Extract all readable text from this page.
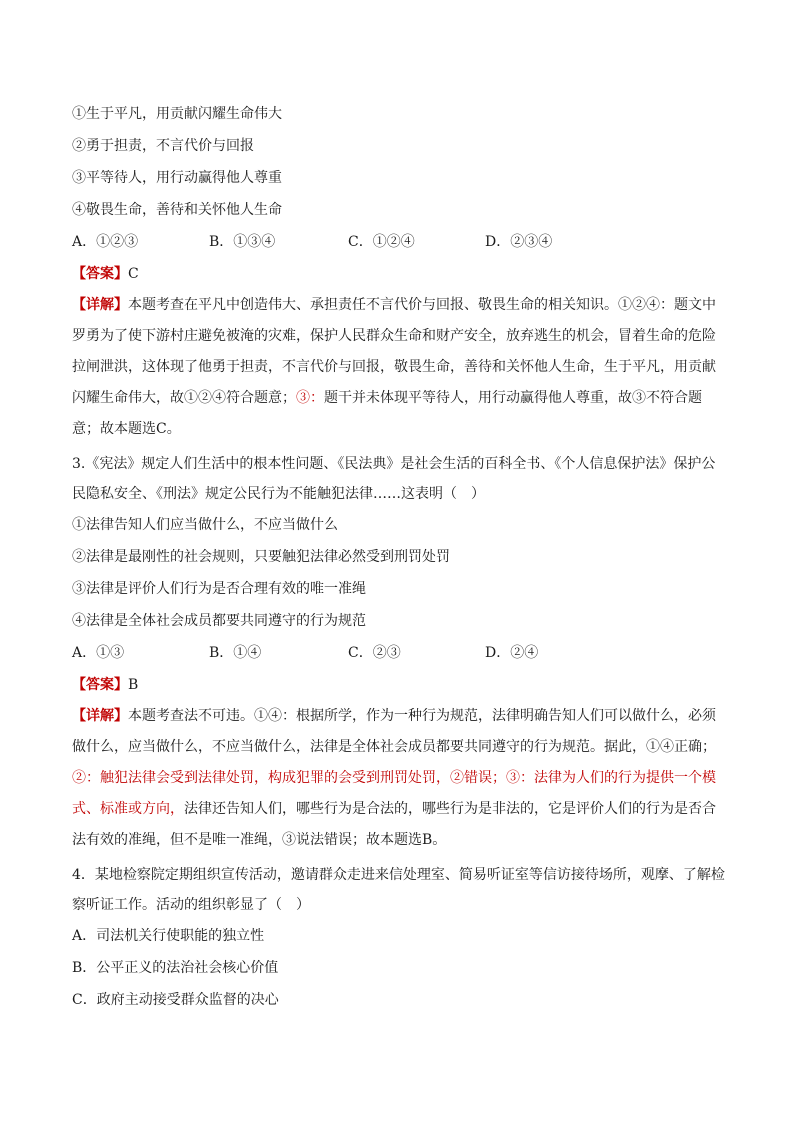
①生于平凡，用贡献闪耀生命伟大
②勇于担责，不言代价与回报
③平等待人，用行动赢得他人尊重
④敬畏生命，善待和关怀他人生命
A．①②③	B．①③④	C．①②④	D．②③④
【答案】C
【详解】本题考查在平凡中创造伟大、承担责任不言代价与回报、敬畏生命的相关知识。①②④：题文中罗勇为了使下游村庄避免被淹的灾难，保护人民群众生命和财产安全，放弃逃生的机会，冒着生命的危险拉闸泄洪，这体现了他勇于担责，不言代价与回报，敬畏生命，善待和关怀他人生命，生于平凡，用贡献闪耀生命伟大，故①②④符合题意；③：题干并未体现平等待人，用行动赢得他人尊重，故③不符合题意；故本题选C。
3.《宪法》规定人们生活中的根本性问题、《民法典》是社会生活的百科全书、《个人信息保护法》保护公民隐私安全、《刑法》规定公民行为不能触犯法律……这表明（　）
①法律告知人们应当做什么，不应当做什么
②法律是最刚性的社会规则，只要触犯法律必然受到刑罚处罚
③法律是评价人们行为是否合理有效的唯一准绳
④法律是全体社会成员都要共同遵守的行为规范
A．①③	B．①④	C．②③	D．②④
【答案】B
【详解】本题考查法不可违。①④：根据所学，作为一种行为规范，法律明确告知人们可以做什么，必须做什么，应当做什么，不应当做什么，法律是全体社会成员都要共同遵守的行为规范。据此，①④正确；②：触犯法律会受到法律处罚，构成犯罪的会受到刑罚处罚，②错误；③：法律为人们的行为提供一个模式、标准或方向，法律还告知人们，哪些行为是合法的，哪些行为是非法的，它是评价人们的行为是否合法有效的准绳，但不是唯一准绳，③说法错误；故本题选B。
4．某地检察院定期组织宣传活动，邀请群众走进来信处理室、简易听证室等信访接待场所，观摩、了解检察听证工作。活动的组织彰显了（　）
A．司法机关行使职能的独立性
B．公平正义的法治社会核心价值
C．政府主动接受群众监督的决心
